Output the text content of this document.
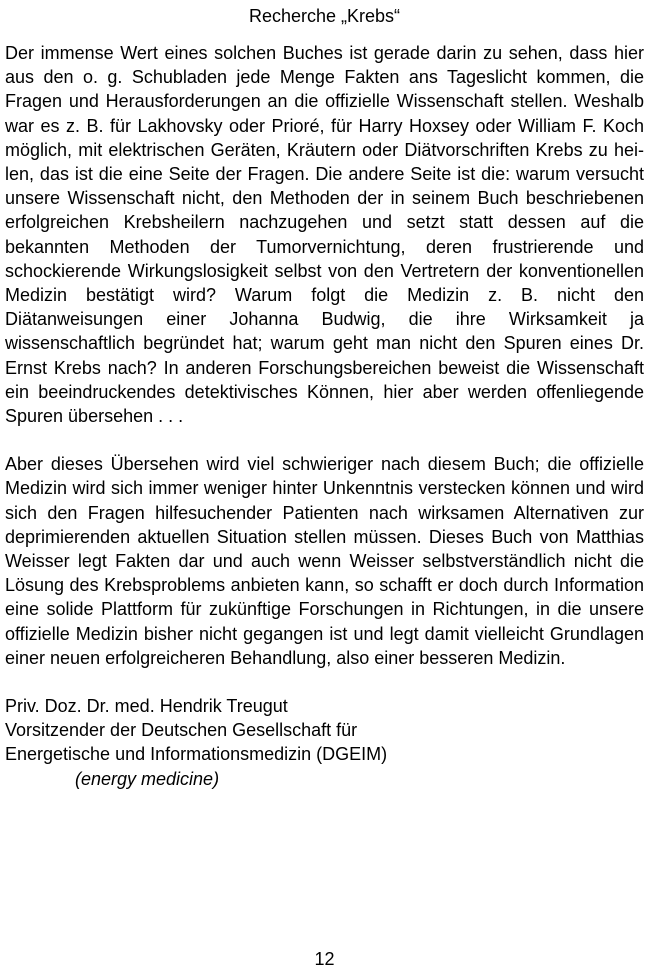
Recherche „Krebs“

Der immense Wert eines solchen Buches ist gerade darin zu sehen, dass hier aus den o. g. Schubladen jede Menge Fakten ans Tageslicht kommen, die Fragen und Herausforderungen an die offizielle Wissenschaft stellen. Weshalb war es z. B. für Lakhovsky oder Prioré, für Harry Hoxsey oder William F. Koch möglich, mit elektrischen Geräten, Kräutern oder Diätvorschriften Krebs zu heilen, das ist die eine Seite der Fragen. Die andere Seite ist die: warum versucht unsere Wissenschaft nicht, den Methoden der in seinem Buch beschriebenen erfolgreichen Krebsheilern nachzugehen und setzt statt dessen auf die bekannten Methoden der Tumorvernichtung, deren frustrierende und schockierende Wirkungslosigkeit selbst von den Vertretern der konventionellen Medizin bestätigt wird? Warum folgt die Medizin z. B. nicht den Diätanweisungen einer Johanna Budwig, die ihre Wirksamkeit ja wissenschaftlich begründet hat; warum geht man nicht den Spuren eines Dr. Ernst Krebs nach? In anderen Forschungsbereichen beweist die Wissenschaft ein beeindruckendes detektivisches Können, hier aber werden offenliegende Spuren übersehen . . .

Aber dieses Übersehen wird viel schwieriger nach diesem Buch; die offizielle Medizin wird sich immer weniger hinter Unkenntnis verstecken können und wird sich den Fragen hilfesuchender Patienten nach wirksamen Alternativen zur deprimierenden aktuellen Situation stellen müssen. Dieses Buch von Matthias Weisser legt Fakten dar und auch wenn Weisser selbstverständlich nicht die Lösung des Krebsproblems anbieten kann, so schafft er doch durch Information eine solide Plattform für zukünftige Forschungen in Richtungen, in die unsere offizielle Medizin bisher nicht gegangen ist und legt damit vielleicht Grundlagen einer neuen erfolgreicheren Behandlung, also einer besseren Medizin.

Priv. Doz. Dr. med. Hendrik Treugut

Vorsitzender der Deutschen Gesellschaft für

Energetische und Informationsmedizin (DGEIM)

(energy medicine)

12
